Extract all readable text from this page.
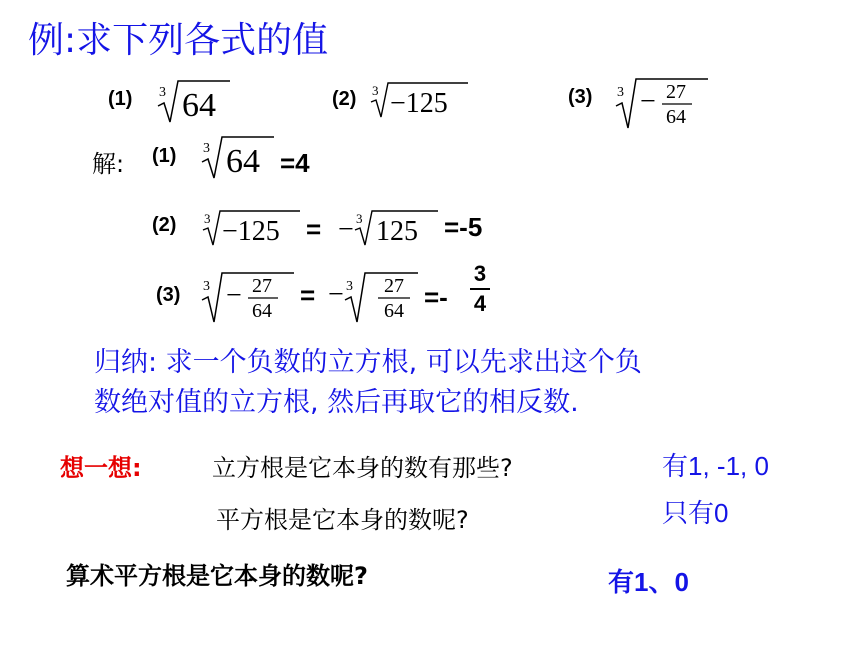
例:求下列各式的值
(1) 3 64	(2) 3 −125	(3) 3 − 27
64
解: (1) 3 64 =4
(2) 3 −125 = − 3 125 =-5
(3) 3 − 27
64
= − 3 27
64 =-
3
4
归纳: 求一个负数的立方根, 可以先求出这个负
数绝对值的立方根, 然后再取它的相反数.
想一想:	立方根是它本身的数有那些?	有1, -1, 0
平方根是它本身的数呢?	只有0
算术平方根是它本身的数呢?	有1、0
